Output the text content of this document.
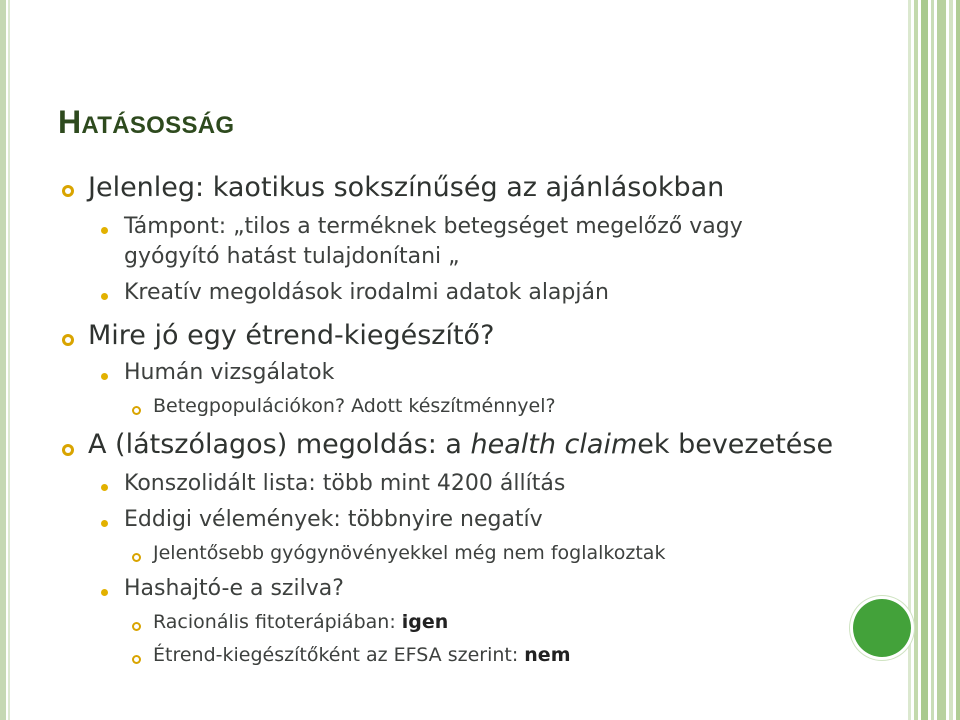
HATÁSOSSÁG
Jelenleg: kaotikus sokszínűség az ajánlásokban
Támpont: „tilos a terméknek betegséget megelőző vagy
gyógyító hatást tulajdonítani „
Kreatív megoldások irodalmi adatok alapján
Mire jó egy étrend-kiegészítő?
Humán vizsgálatok
Betegpopulációkon? Adott készítménnyel?
A (látszólagos) megoldás: a health claimek bevezetése
Konszolidált lista: több mint 4200 állítás
Eddigi vélemények: többnyire negatív
Jelentősebb gyógynövényekkel még nem foglalkoztak
Hashajtó-e a szilva?
Racionális fitoterápiában: igen
Étrend-kiegészítőként az EFSA szerint: nem
